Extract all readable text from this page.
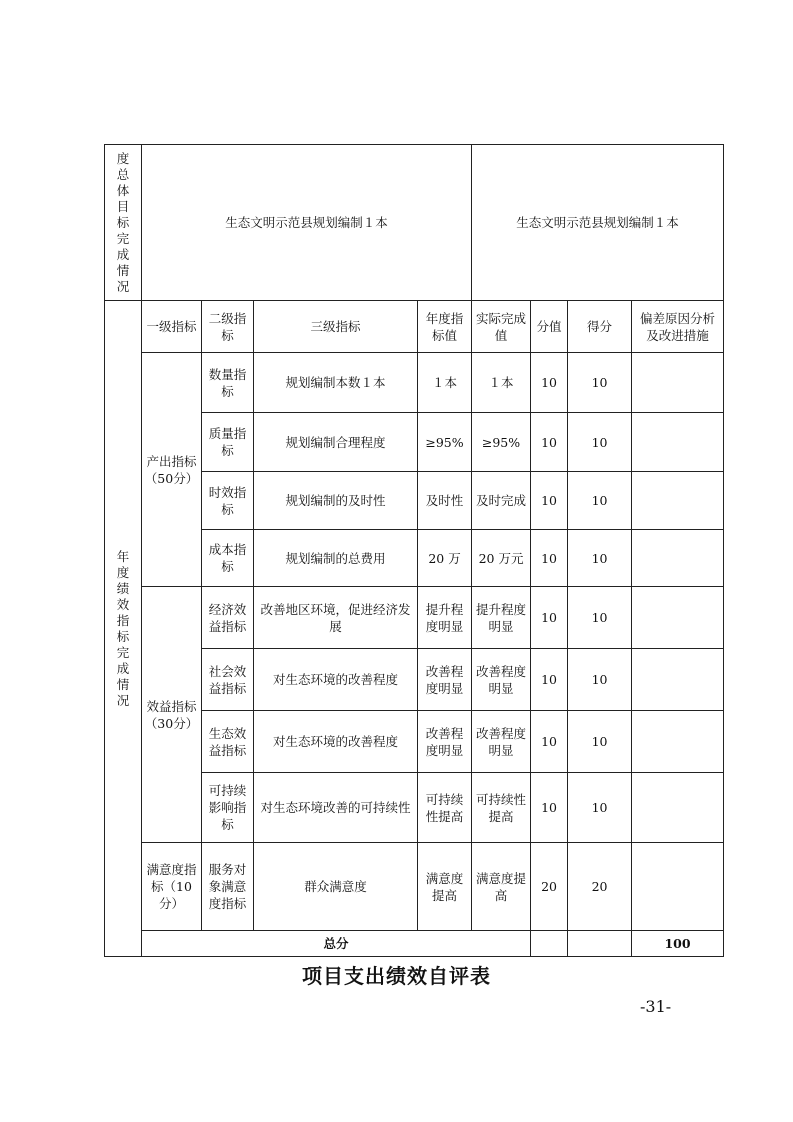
度总体目标完成情况	生态文明示范县规划编制１本				生态文明示范县规划编制１本				
年度绩效指标完成情况	一级指标	二级指标	三级指标	年度指标值	实际完成值	分值	得分	偏差原因分析及改进措施	
	产出指标（50分）	数量指标	规划编制本数１本	１本	１本	10	10		
		质量指标	规划编制合理程度	≥95%	≥95%	10	10		
		时效指标	规划编制的及时性	及时性	及时完成	10	10		
		成本指标	规划编制的总费用	20 万	20 万元	10	10		
	效益指标（30分）	经济效益指标	改善地区环境，促进经济发展	提升程度明显	提升程度明显	10	10		
		社会效益指标	对生态环境的改善程度	改善程度明显	改善程度明显	10	10		
		生态效益指标	对生态环境的改善程度	改善程度明显	改善程度明显	10	10		
		可持续影响指标	对生态环境改善的可持续性	可持续性提高	可持续性提高	10	10		
	满意度指标（10分）	服务对象满意度指标	群众满意度	满意度提高	满意度提高	20	20		
	总分							100		
项目支出绩效自评表
-31-
